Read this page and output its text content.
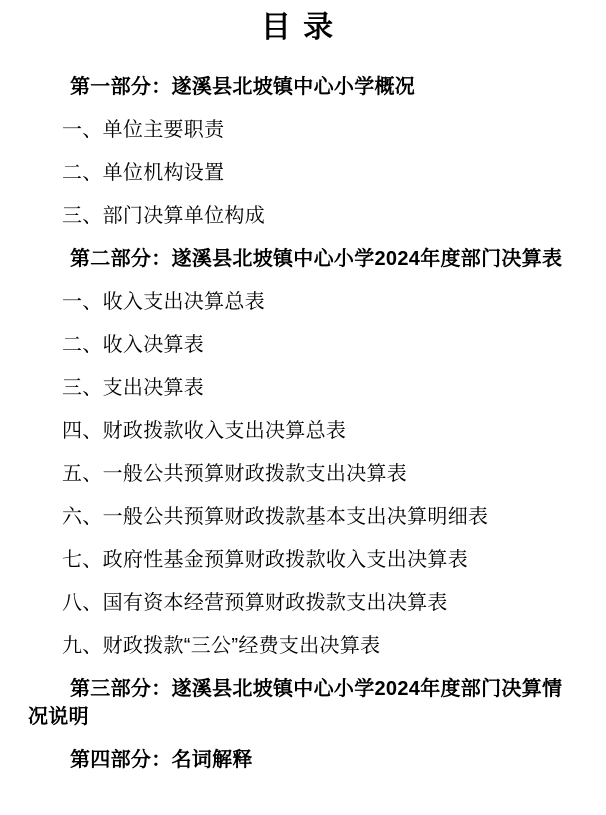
目 录

第一部分：遂溪县北坡镇中心小学概况

一、单位主要职责

二、单位机构设置

三、部门决算单位构成

第二部分：遂溪县北坡镇中心小学2024年度部门决算表

一、收入支出决算总表

二、收入决算表

三、支出决算表

四、财政拨款收入支出决算总表

五、一般公共预算财政拨款支出决算表

六、一般公共预算财政拨款基本支出决算明细表

七、政府性基金预算财政拨款收入支出决算表

八、国有资本经营预算财政拨款支出决算表

九、财政拨款“三公”经费支出决算表

第三部分：遂溪县北坡镇中心小学2024年度部门决算情况说明

第四部分：名词解释
